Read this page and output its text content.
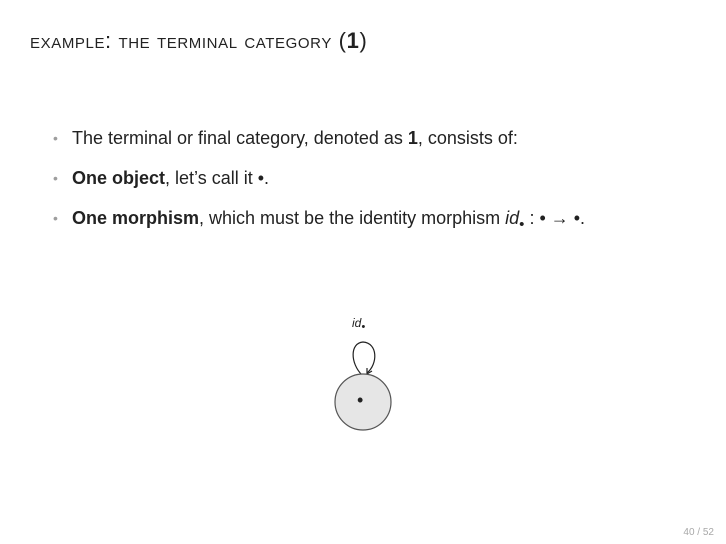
example: the terminal category (1)
• The terminal or final category, denoted as 1, consists of:
• One object, let’s call it •.
• One morphism, which must be the identity morphism id• : • → •.
id•
•
40 / 52
